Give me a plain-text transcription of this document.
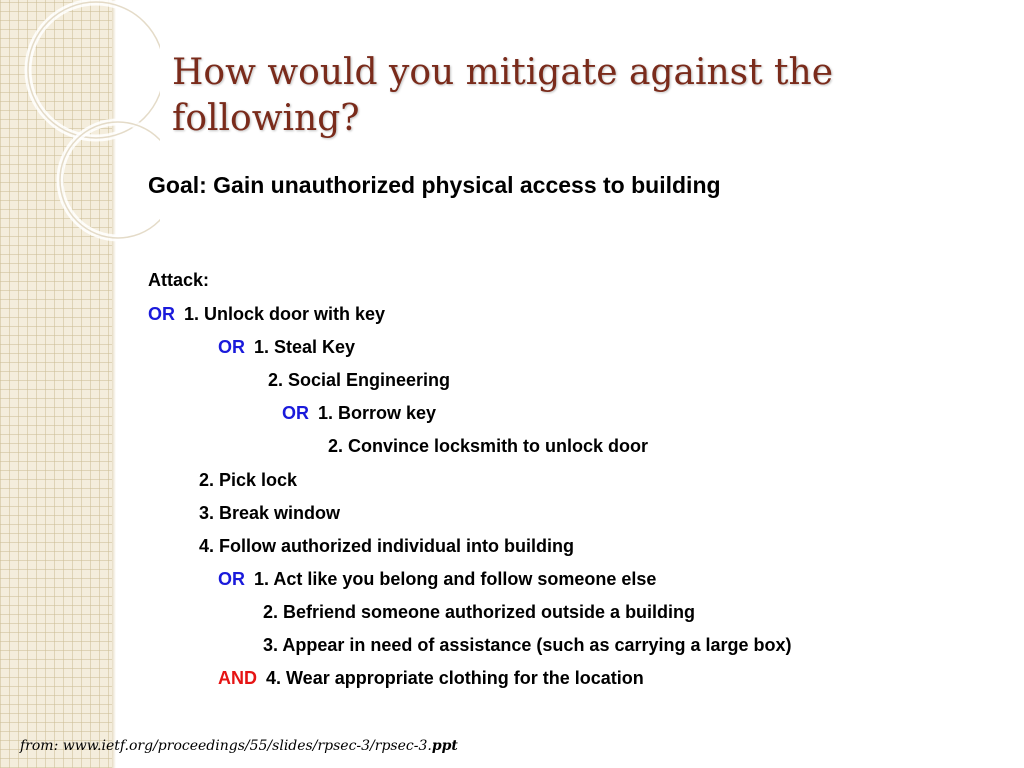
How would you mitigate against the
following?
Goal: Gain unauthorized physical access to building
Attack:
OR 1. Unlock door with key
OR 1. Steal Key
2. Social Engineering
OR 1. Borrow key
2. Convince locksmith to unlock door
2. Pick lock
3. Break window
4. Follow authorized individual into building
OR 1. Act like you belong and follow someone else
2. Befriend someone authorized outside a building
3. Appear in need of assistance (such as carrying a large box)
AND 4. Wear appropriate clothing for the location
from: www.ietf.org/proceedings/55/slides/rpsec-3/rpsec-3.ppt
